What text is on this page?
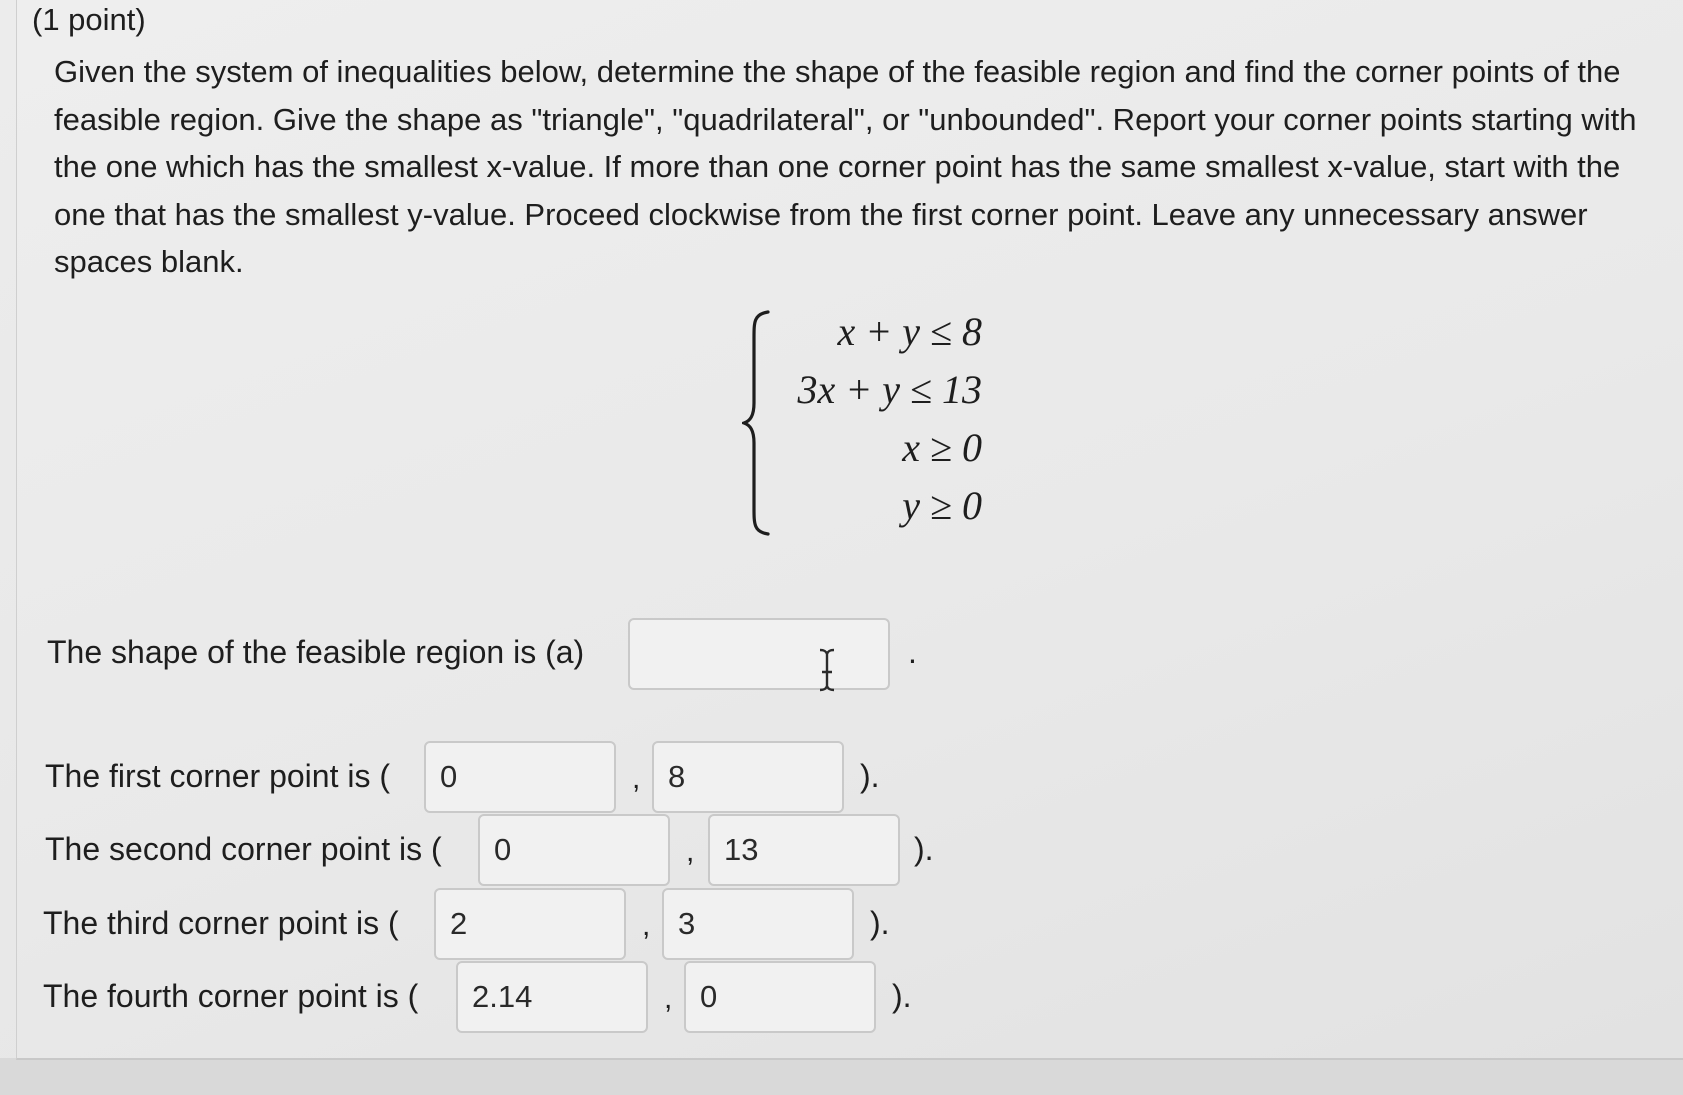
(1 point)
Given the system of inequalities below, determine the shape of the feasible region and find the corner points of the feasible region. Give the shape as "triangle", "quadrilateral", or "unbounded". Report your corner points starting with the one which has the smallest x-value. If more than one corner point has the same smallest x-value, start with the one that has the smallest y-value. Proceed clockwise from the first corner point. Leave any unnecessary answer spaces blank.
x + y ≤ 8
3x + y ≤ 13
x ≥ 0
y ≥ 0
The shape of the feasible region is (a)	.
The first corner point is (	0	, 8	).
The second corner point is (	0	, 13	).
The third corner point is (	2	, 3	).
The fourth corner point is (	2.14	, 0	).
